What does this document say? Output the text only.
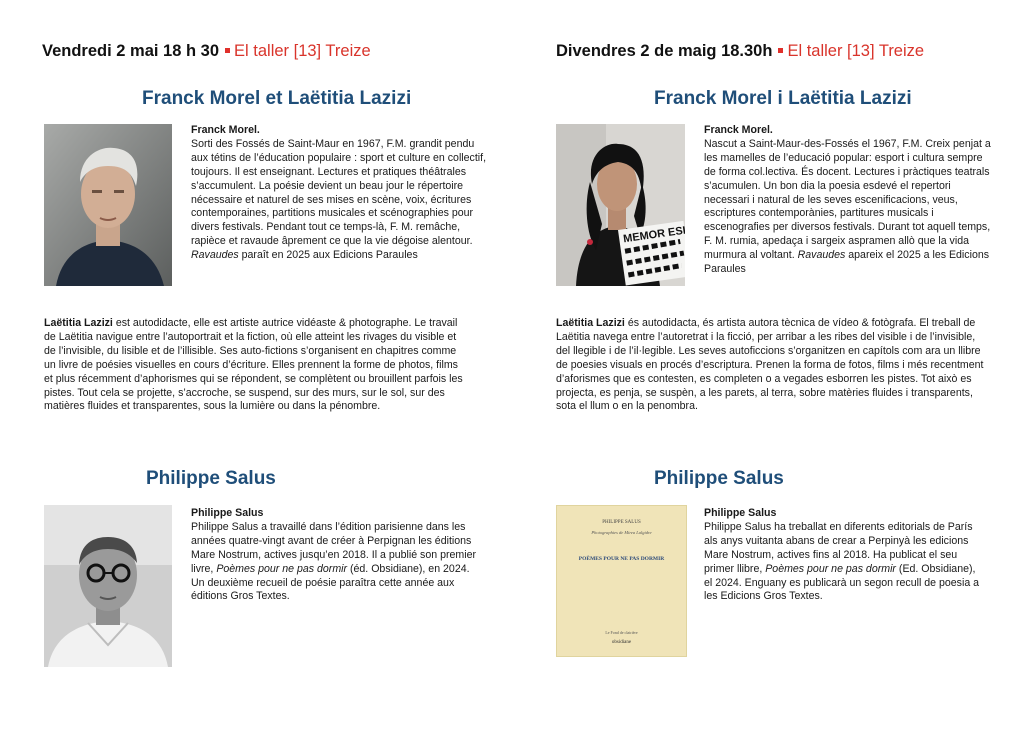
Vendredi 2 mai 18 h 30 El taller [13] Treize
Franck Morel et Laëtitia Lazizi
Franck Morel.
Sorti des Fossés de Saint-Maur en 1967, F.M. grandit pendu aux tétins de l’éducation populaire : sport et culture en collectif, toujours. Il est enseignant. Lectures et pratiques théâtrales s’accumulent. La poésie devient un beau jour le répertoire nécessaire et naturel de ses mises en scène, voix, écritures contemporaines, partitions musicales et scénographies pour divers festivals. Pendant tout ce temps-là, F. M. remâche, rapièce et ravaude âprement ce que la vie dégoise alentour. Ravaudes paraît en 2025 aux Edicions Paraules
Laëtitia Lazizi est autodidacte, elle est artiste autrice vidéaste & photographe. Le travail de Laëtitia navigue entre l’autoportrait et la fiction, où elle atteint les rivages du visible et de l’invisible, du lisible et de l’illisible. Ses auto-fictions s’organisent en chapitres comme un livre de poésies visuelles en cours d’écriture. Elles prennent la forme de photos, films et plus récemment d’aphorismes qui se répondent, se complètent ou brouillent parfois les pistes. Tout cela se projette, s’accroche, se suspend, sur des murs, sur le sol, sur des matières fluides et transparentes, sous la lumière ou dans la pénombre.
Philippe Salus
Philippe Salus
Philippe Salus a travaillé dans l’édition parisienne dans les années quatre-vingt avant de créer à Perpignan les éditions Mare Nostrum, actives jusqu’en 2018. Il a publié son premier livre, Poèmes pour ne pas dormir (éd. Obsidiane), en 2024. Un deuxième recueil de poésie paraîtra cette année aux éditions Gros Textes.
Divendres 2 de maig 18.30h El taller [13] Treize
Franck Morel i Laëtitia Lazizi
Franck Morel.
Nascut a Saint-Maur-des-Fossés el 1967, F.M. Creix penjat a les mamelles de l’educació popular: esport i cultura sempre de forma col.lectiva. És docent. Lectures i pràctiques teatrals s’acumulen. Un bon dia la poesia esdevé el repertori necessari i natural de les seves escenificacions, veus, escriptures contemporànies, partitures musicals i escenografies per diversos festivals. Durant tot aquell temps, F. M. rumia, apedaça i sargeix aspramen allò que la vida murmura al voltant. Ravaudes apareix el 2025 a les Edicions Paraules
Laëtitia Lazizi és autodidacta, és artista autora tècnica de vídeo & fotògrafa. El treball de Laëtitia navega entre l’autoretrat i la ficció, per arribar a les ribes del visible i de l’invisible, del llegible i de l’il·legible. Les seves autoficcions s’organitzen en capítols com ara un llibre de poesies visuals en procés d’escriptura. Prenen la forma de fotos, films i més recentment d’aforismes que es contesten, es completen o a vegades esborren les pistes. Tot això es projecta, es penja, se suspèn, a les parets, al terra, sobre matèries fluides i transparents, sota el llum o en la penombra.
Philippe Salus
PHILIPPE SALUS
Photographies de Mirea Lalgidre
POÈMES POUR NE PAS DORMIR
Le Fond de clairière
obsidiane
Philippe Salus
Philippe Salus ha treballat en diferents editorials de París als anys vuitanta abans de crear a Perpinyà les edicions Mare Nostrum, actives fins al 2018. Ha publicat el seu primer llibre, Poèmes pour ne pas dormir (Ed. Obsidiane), el 2024. Enguany es publicarà un segon recull de poesia a les Edicions Gros Textes.
